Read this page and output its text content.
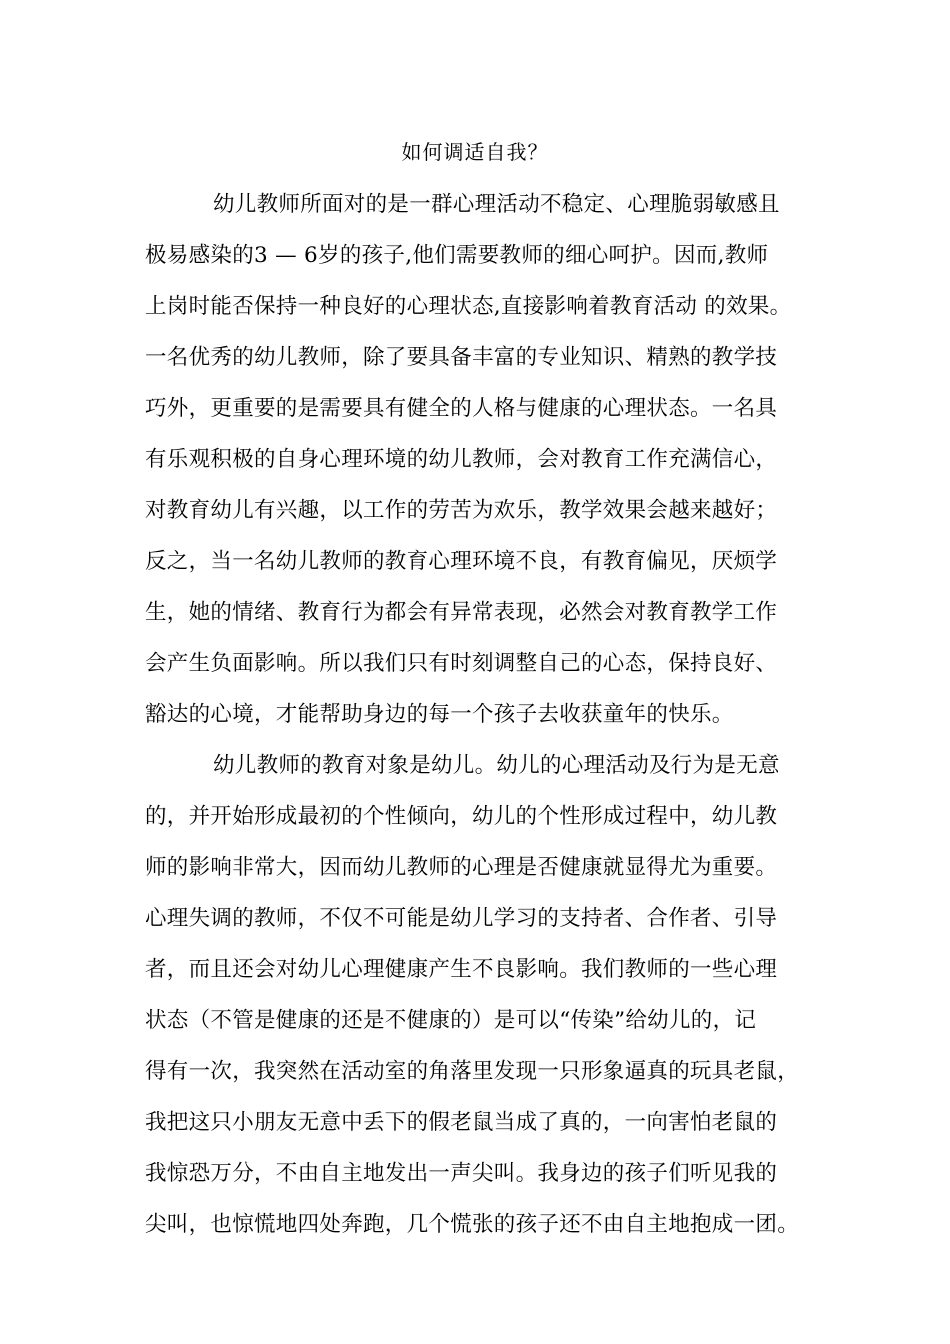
如何调适自我？
幼儿教师所面对的是一群心理活动不稳定、心理脆弱敏感且
极易感染的3 — 6岁的孩子,他们需要教师的细心呵护。因而,教师
上岗时能否保持一种良好的心理状态,直接影响着教育活动 的效果。
一名优秀的幼儿教师，除了要具备丰富的专业知识、精熟的教学技
巧外，更重要的是需要具有健全的人格与健康的心理状态。一名具
有乐观积极的自身心理环境的幼儿教师，会对教育工作充满信心，
对教育幼儿有兴趣，以工作的劳苦为欢乐，教学效果会越来越好；
反之，当一名幼儿教师的教育心理环境不良，有教育偏见，厌烦学
生，她的情绪、教育行为都会有异常表现，必然会对教育教学工作
会产生负面影响。所以我们只有时刻调整自己的心态，保持良好、
豁达的心境，才能帮助身边的每一个孩子去收获童年的快乐。
幼儿教师的教育对象是幼儿。幼儿的心理活动及行为是无意
的，并开始形成最初的个性倾向，幼儿的个性形成过程中，幼儿教
师的影响非常大，因而幼儿教师的心理是否健康就显得尤为重要。
心理失调的教师，不仅不可能是幼儿学习的支持者、合作者、引导
者，而且还会对幼儿心理健康产生不良影响。我们教师的一些心理
状态（不管是健康的还是不健康的）是可以“传染”给幼儿的，记
得有一次，我突然在活动室的角落里发现一只形象逼真的玩具老鼠，
我把这只小朋友无意中丢下的假老鼠当成了真的，一向害怕老鼠的
我惊恐万分，不由自主地发出一声尖叫。我身边的孩子们听见我的
尖叫，也惊慌地四处奔跑，几个慌张的孩子还不由自主地抱成一团。
